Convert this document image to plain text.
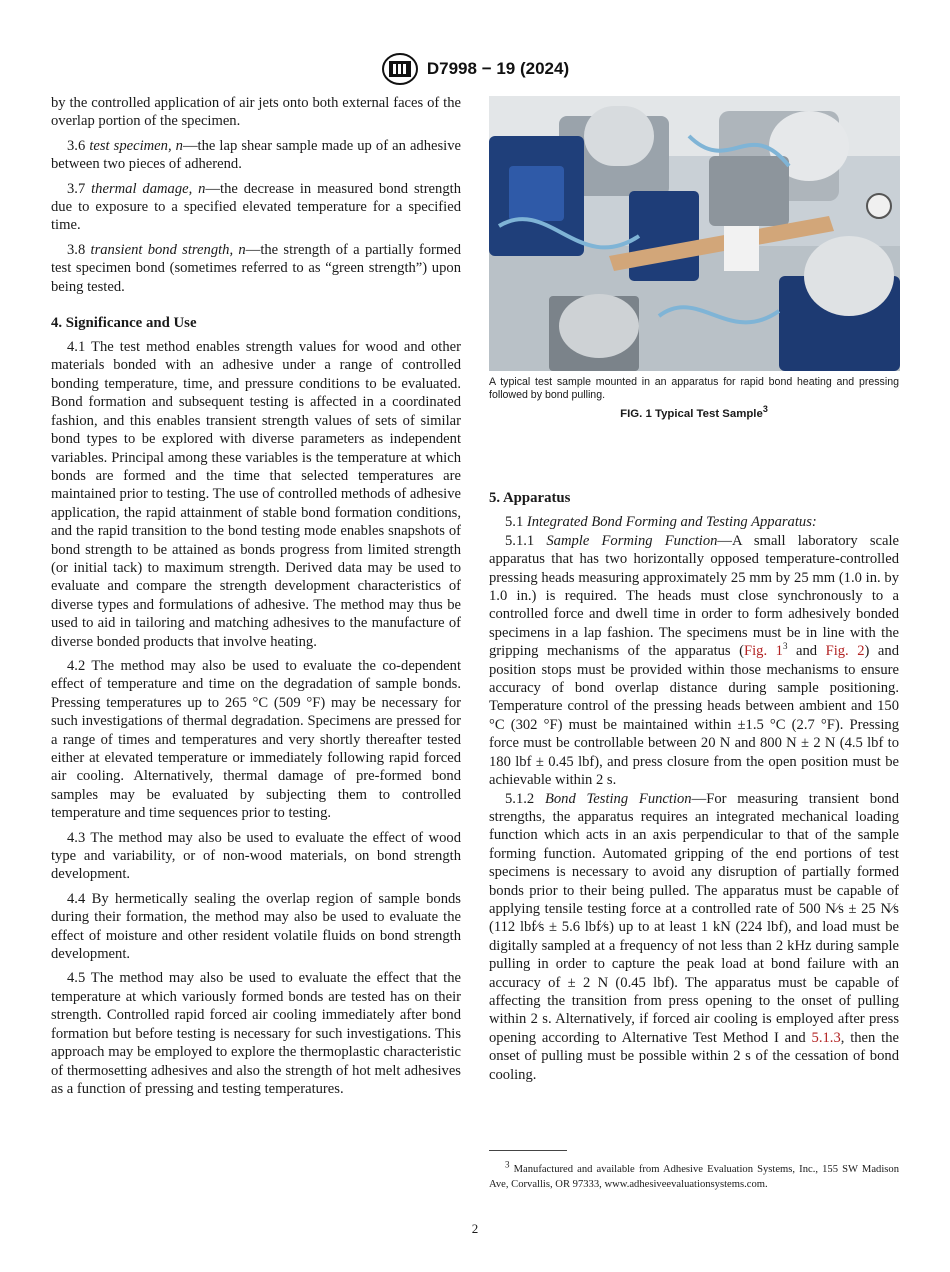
D7998 − 19 (2024)

by the controlled application of air jets onto both external faces of the overlap portion of the specimen.

3.6 test specimen, n—the lap shear sample made up of an adhesive between two pieces of adherend.

3.7 thermal damage, n—the decrease in measured bond strength due to exposure to a specified elevated temperature for a specified time.

3.8 transient bond strength, n—the strength of a partially formed test specimen bond (sometimes referred to as “green strength”) upon being tested.

4. Significance and Use

4.1 The test method enables strength values for wood and other materials bonded with an adhesive under a range of controlled bonding temperature, time, and pressure conditions to be evaluated. Bond formation and subsequent testing is affected in a coordinated fashion, and this enables transient strength values of sets of similar bond types to be explored with diverse parameters as independent variables. Principal among these variables is the temperature at which bonds are formed and the time that selected temperatures are maintained prior to testing. The use of controlled methods of adhesive application, the rapid attainment of stable bond formation conditions, and the rapid transition to the bond testing mode enables snapshots of bond strength to be attained as bonds progress from limited strength (or initial tack) to maximum strength. Derived data may be used to evaluate and compare the strength development characteristics of diverse types and formulations of adhesive. The method may thus be used to aid in tailoring and matching adhesives to the manufacture of diverse bonded products that involve heating.

4.2 The method may also be used to evaluate the co-dependent effect of temperature and time on the degradation of sample bonds. Pressing temperatures up to 265 °C (509 °F) may be necessary for such investigations of thermal degradation. Specimens are pressed for a range of times and temperatures and very shortly thereafter tested either at elevated temperature or immediately following rapid forced air cooling. Alternatively, thermal damage of pre-formed bond samples may be evaluated by subjecting them to controlled temperature and time sequences prior to testing.

4.3 The method may also be used to evaluate the effect of wood type and variability, or of non-wood materials, on bond strength development.

4.4 By hermetically sealing the overlap region of sample bonds during their formation, the method may also be used to evaluate the effect of moisture and other resident volatile fluids on bond strength development.

4.5 The method may also be used to evaluate the effect that the temperature at which variously formed bonds are tested has on their strength. Controlled rapid forced air cooling immediately after bond formation but before testing is necessary for such investigations. This approach may be employed to explore the thermoplastic characteristic of thermosetting adhesives and also the strength of hot melt adhesives as a function of pressing and testing temperatures.

A typical test sample mounted in an apparatus for rapid bond heating and pressing followed by bond pulling.
FIG. 1 Typical Test Sample$^3$
5. Apparatus

5.1 Integrated Bond Forming and Testing Apparatus:

5.1.1 Sample Forming Function—A small laboratory scale apparatus that has two horizontally opposed temperature-controlled pressing heads measuring approximately 25 mm by 25 mm (1.0 in. by 1.0 in.) is required. The heads must close synchronously to a controlled force and dwell time in order to form adhesively bonded specimens in a lap fashion. The specimens must be in line with the gripping mechanisms of the apparatus (Fig. $1^3$ and Fig. 2) and position stops must be provided within those mechanisms to ensure accuracy of bond overlap distance during sample positioning. Temperature control of the pressing heads between ambient and 150 °C (302 °F) must be maintained within ±1.5 °C (2.7 °F). Pressing force must be controllable between 20 N and 800 N ± 2 N (4.5 lbf to 180 lbf ± 0.45 lbf), and press closure from the open position must be achievable within 2 s.

5.1.2 Bond Testing Function—For measuring transient bond strengths, the apparatus requires an integrated mechanical loading function which acts in an axis perpendicular to that of the sample forming function. Automated gripping of the end portions of test specimens is necessary to avoid any disruption of partially formed bonds prior to their being pulled. The apparatus must be capable of applying tensile testing force at a controlled rate of 500 N⁄s ± 25 N⁄s (112 lbf⁄s ± 5.6 lbf⁄s) up to at least 1 kN (224 lbf), and load must be digitally sampled at a frequency of not less than 2 kHz during sample pulling in order to capture the peak load at bond failure with an accuracy of ± 2 N (0.45 lbf). The apparatus must be capable of affecting the transition from press opening to the onset of pulling within 2 s. Alternatively, if forced air cooling is employed after press opening according to Alternative Test Method I and 5.1.3, then the onset of pulling must be possible within 2 s of the cessation of bond cooling.

$^3$ Manufactured and available from Adhesive Evaluation Systems, Inc., 155 SW Madison Ave, Corvallis, OR 97333, www.adhesiveevaluationsystems.com.
2
